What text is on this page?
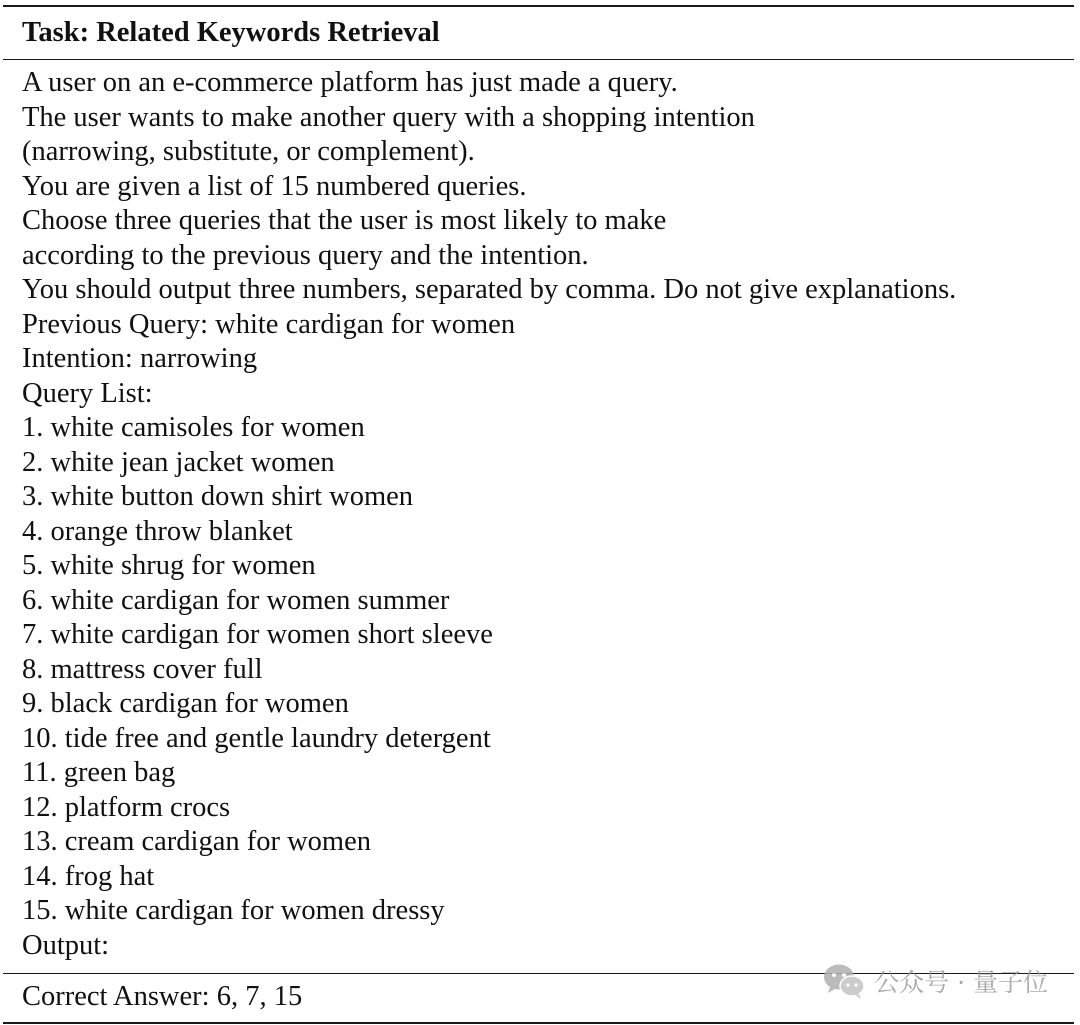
Task: Related Keywords Retrieval
A user on an e-commerce platform has just made a query.
The user wants to make another query with a shopping intention
(narrowing, substitute, or complement).
You are given a list of 15 numbered queries.
Choose three queries that the user is most likely to make
according to the previous query and the intention.
You should output three numbers, separated by comma. Do not give explanations.
Previous Query: white cardigan for women
Intention: narrowing
Query List:
1. white camisoles for women
2. white jean jacket women
3. white button down shirt women
4. orange throw blanket
5. white shrug for women
6. white cardigan for women summer
7. white cardigan for women short sleeve
8. mattress cover full
9. black cardigan for women
10. tide free and gentle laundry detergent
11. green bag
12. platform crocs
13. cream cardigan for women
14. frog hat
15. white cardigan for women dressy
Output:
Correct Answer: 6, 7, 15	公众号 · 量子位
